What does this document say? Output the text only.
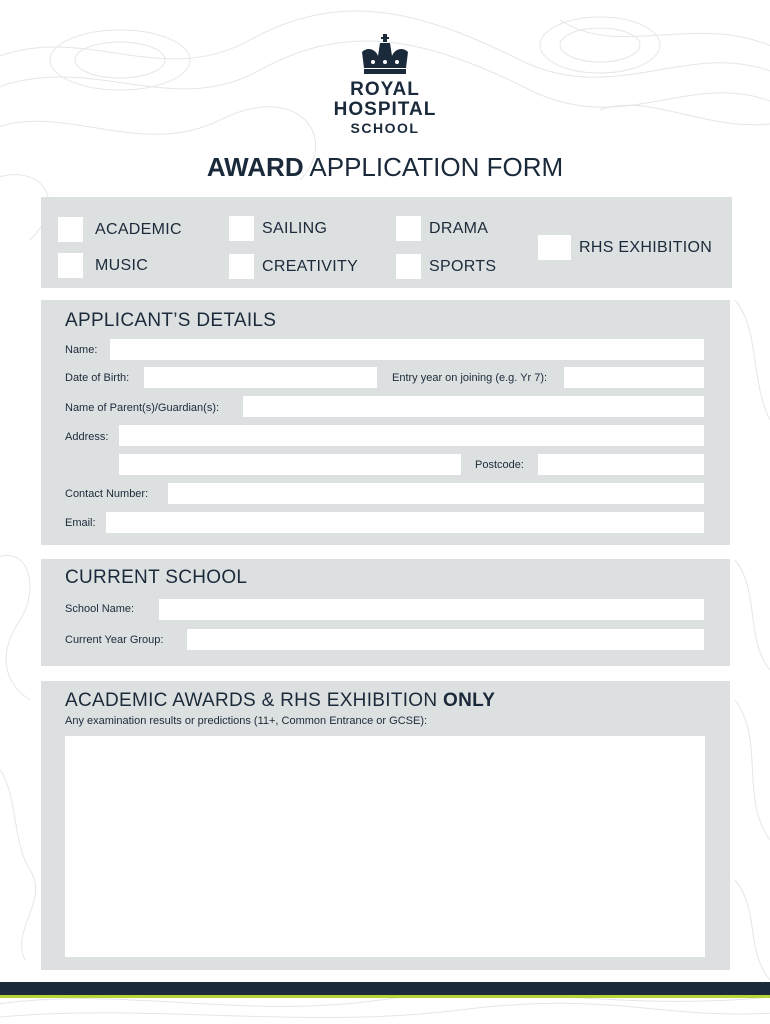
ROYAL
HOSPITAL
SCHOOL
AWARD APPLICATION FORM
ACADEMIC
MUSIC
SAILING
CREATIVITY
DRAMA
SPORTS
RHS EXHIBITION
APPLICANT’S DETAILS
Name:
Date of Birth:	Entry year on joining (e.g. Yr 7):
Name of Parent(s)/Guardian(s):
Address:
Postcode:
Contact Number:
Email:
CURRENT SCHOOL
School Name:
Current Year Group:
ACADEMIC AWARDS & RHS EXHIBITION ONLY
Any examination results or predictions (11+, Common Entrance or GCSE):
